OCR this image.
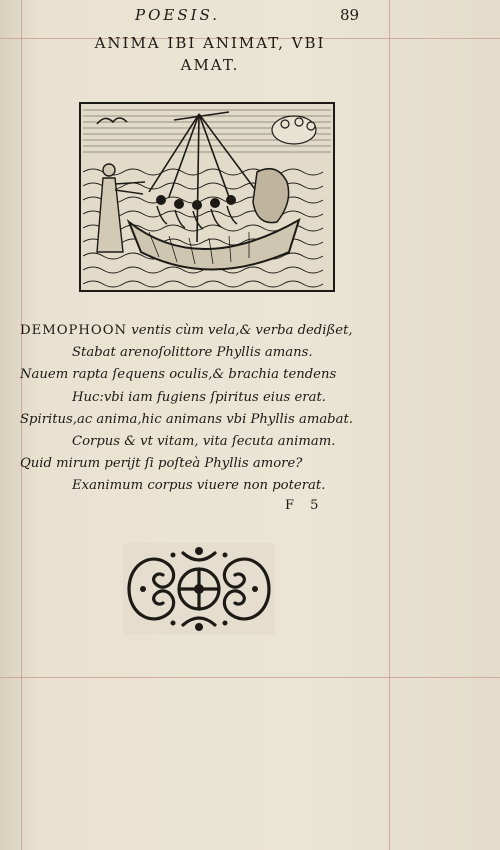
POESIS.	89
ANIMA IBI ANIMAT, VBI
AMAT.
DEMOPHOON ventis cùm vela,& verba dedißet,
Stabat arenoſolittore Phyllis amans.
Nauem rapta ſequens oculis,& brachia tendens
Huc:vbi iam fugiens ſpiritus eius erat.
Spiritus,ac anima,hic animans vbi Phyllis amabat.
Corpus & vt vitam, vita ſecuta animam.
Quid mirum perijt ſi poſteà Phyllis amore?
Exanimum corpus viuere non poterat.
F 5
